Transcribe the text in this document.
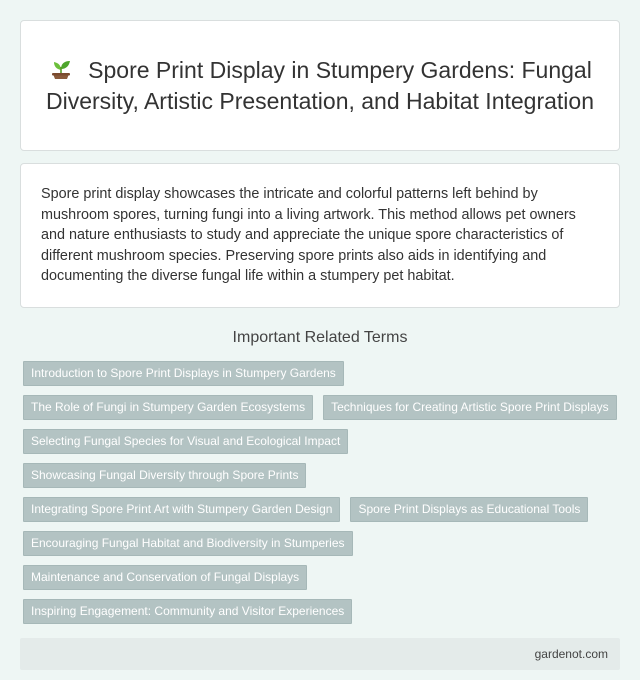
Spore Print Display in Stumpery Gardens: Fungal Diversity, Artistic Presentation, and Habitat Integration

Spore print display showcases the intricate and colorful patterns left behind by mushroom spores, turning fungi into a living artwork. This method allows pet owners and nature enthusiasts to study and appreciate the unique spore characteristics of different mushroom species. Preserving spore prints also aids in identifying and documenting the diverse fungal life within a stumpery pet habitat.

Important Related Terms
Introduction to Spore Print Displays in Stumpery Gardens
The Role of Fungi in Stumpery Garden Ecosystems	Techniques for Creating Artistic Spore Print Displays
Selecting Fungal Species for Visual and Ecological Impact
Showcasing Fungal Diversity through Spore Prints
Integrating Spore Print Art with Stumpery Garden Design	Spore Print Displays as Educational Tools
Encouraging Fungal Habitat and Biodiversity in Stumperies
Maintenance and Conservation of Fungal Displays
Inspiring Engagement: Community and Visitor Experiences
gardenot.com
